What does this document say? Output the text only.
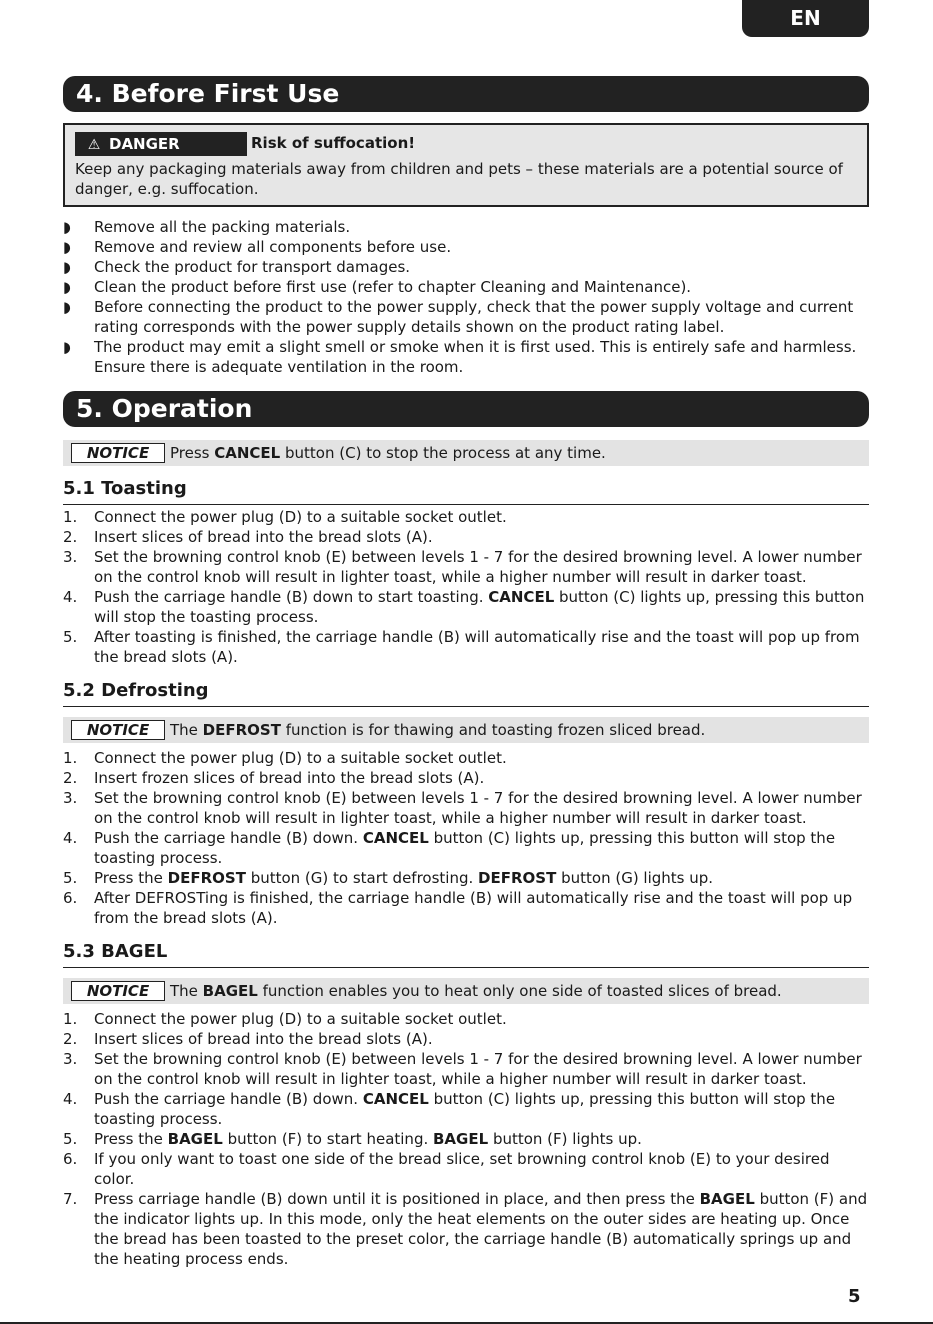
EN
4. Before First Use
⚠ DANGER	Risk of suffocation!
Keep any packaging materials away from children and pets – these materials are a potential source of danger, e.g. suffocation.
◗ Remove all the packing materials.
◗ Remove and review all components before use.
◗ Check the product for transport damages.
◗ Clean the product before first use (refer to chapter Cleaning and Maintenance).
◗ Before connecting the product to the power supply, check that the power supply voltage and current rating corresponds with the power supply details shown on the product rating label.
◗ The product may emit a slight smell or smoke when it is first used. This is entirely safe and harmless. Ensure there is adequate ventilation in the room.
5. Operation
NOTICE	Press CANCEL button (C) to stop the process at any time.
5.1 Toasting
1. Connect the power plug (D) to a suitable socket outlet.
2. Insert slices of bread into the bread slots (A).
3. Set the browning control knob (E) between levels 1 - 7 for the desired browning level. A lower number on the control knob will result in lighter toast, while a higher number will result in darker toast.
4. Push the carriage handle (B) down to start toasting. CANCEL button (C) lights up, pressing this button will stop the toasting process.
5. After toasting is finished, the carriage handle (B) will automatically rise and the toast will pop up from the bread slots (A).
5.2 Defrosting
NOTICE	The DEFROST function is for thawing and toasting frozen sliced bread.
1. Connect the power plug (D) to a suitable socket outlet.
2. Insert frozen slices of bread into the bread slots (A).
3. Set the browning control knob (E) between levels 1 - 7 for the desired browning level. A lower number on the control knob will result in lighter toast, while a higher number will result in darker toast.
4. Push the carriage handle (B) down. CANCEL button (C) lights up, pressing this button will stop the toasting process.
5. Press the DEFROST button (G) to start defrosting. DEFROST button (G) lights up.
6. After DEFROSTing is finished, the carriage handle (B) will automatically rise and the toast will pop up from the bread slots (A).
5.3 BAGEL
NOTICE	The BAGEL function enables you to heat only one side of toasted slices of bread.
1. Connect the power plug (D) to a suitable socket outlet.
2. Insert slices of bread into the bread slots (A).
3. Set the browning control knob (E) between levels 1 - 7 for the desired browning level. A lower number on the control knob will result in lighter toast, while a higher number will result in darker toast.
4. Push the carriage handle (B) down. CANCEL button (C) lights up, pressing this button will stop the toasting process.
5. Press the BAGEL button (F) to start heating. BAGEL button (F) lights up.
6. If you only want to toast one side of the bread slice, set browning control knob (E) to your desired color.
7. Press carriage handle (B) down until it is positioned in place, and then press the BAGEL button (F) and the indicator lights up. In this mode, only the heat elements on the outer sides are heating up. Once the bread has been toasted to the preset color, the carriage handle (B) automatically springs up and the heating process ends.
5
